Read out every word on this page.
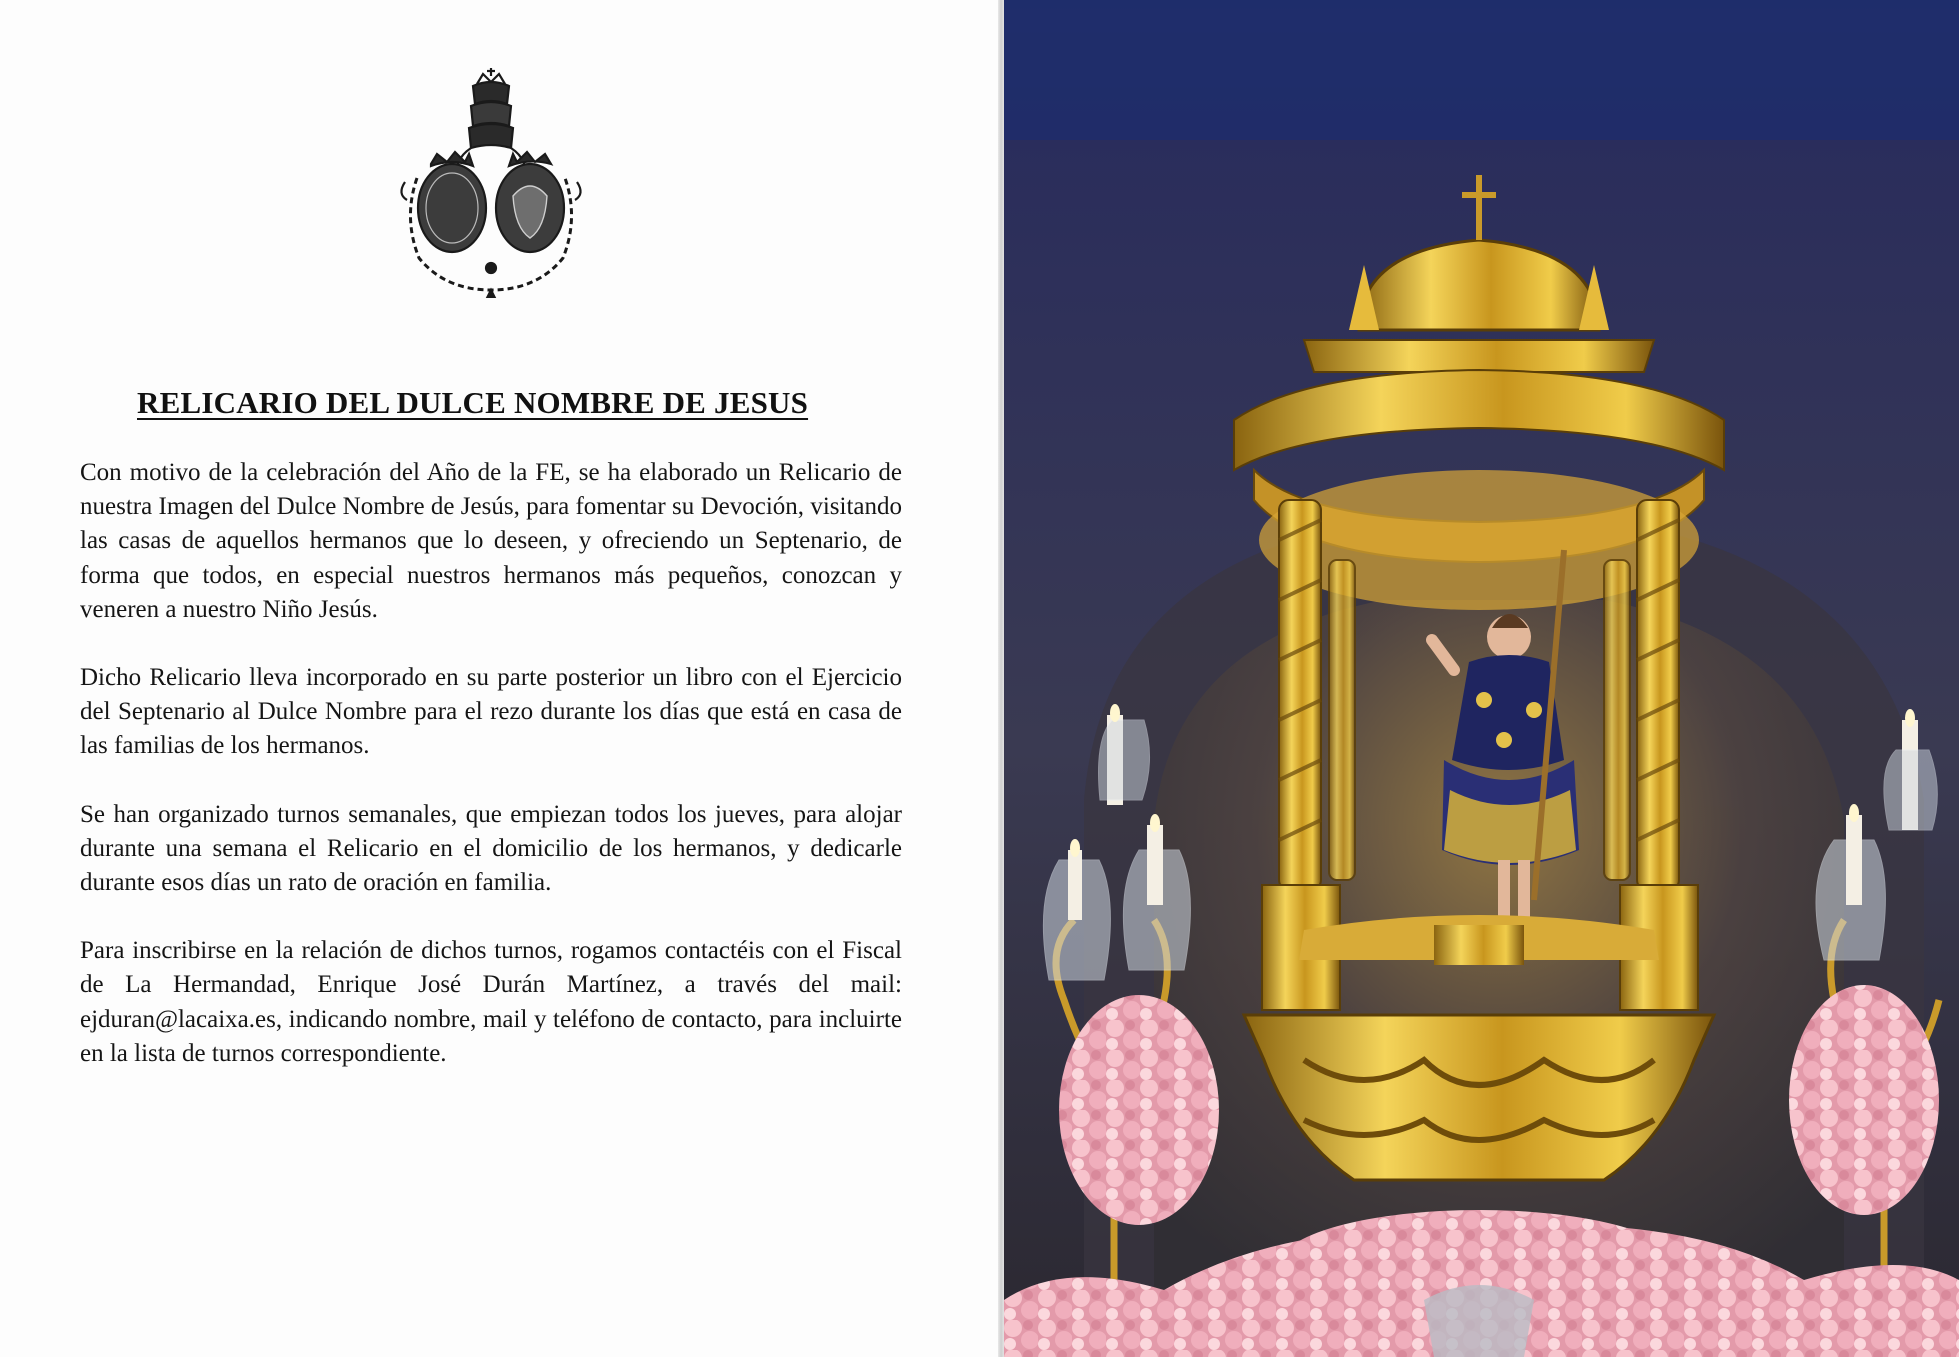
RELICARIO DEL DULCE NOMBRE DE JESUS

Con motivo de la celebración del Año de la FE, se ha elaborado un Relicario de nuestra Imagen del Dulce Nombre de Jesús, para fomentar su Devoción, visitando las casas de aquellos hermanos que lo deseen, y ofreciendo un Septenario, de forma que todos, en especial nuestros hermanos más pequeños, conozcan y veneren a nuestro Niño Jesús.

Dicho Relicario lleva incorporado en su parte posterior un libro con el Ejercicio del Septenario al Dulce Nombre para el rezo durante los días que está en casa de las familias de los hermanos.

Se han organizado turnos semanales, que empiezan todos los jueves, para alojar durante una semana el Relicario en el domicilio de los hermanos, y dedicarle durante esos días un rato de oración en familia.

Para inscribirse en la relación de dichos turnos, rogamos contactéis con el Fiscal de La Hermandad, Enrique José Durán Martínez, a través del mail: ejduran@lacaixa.es, indicando nombre, mail y teléfono de contacto, para incluirte en la lista de turnos correspondiente.
